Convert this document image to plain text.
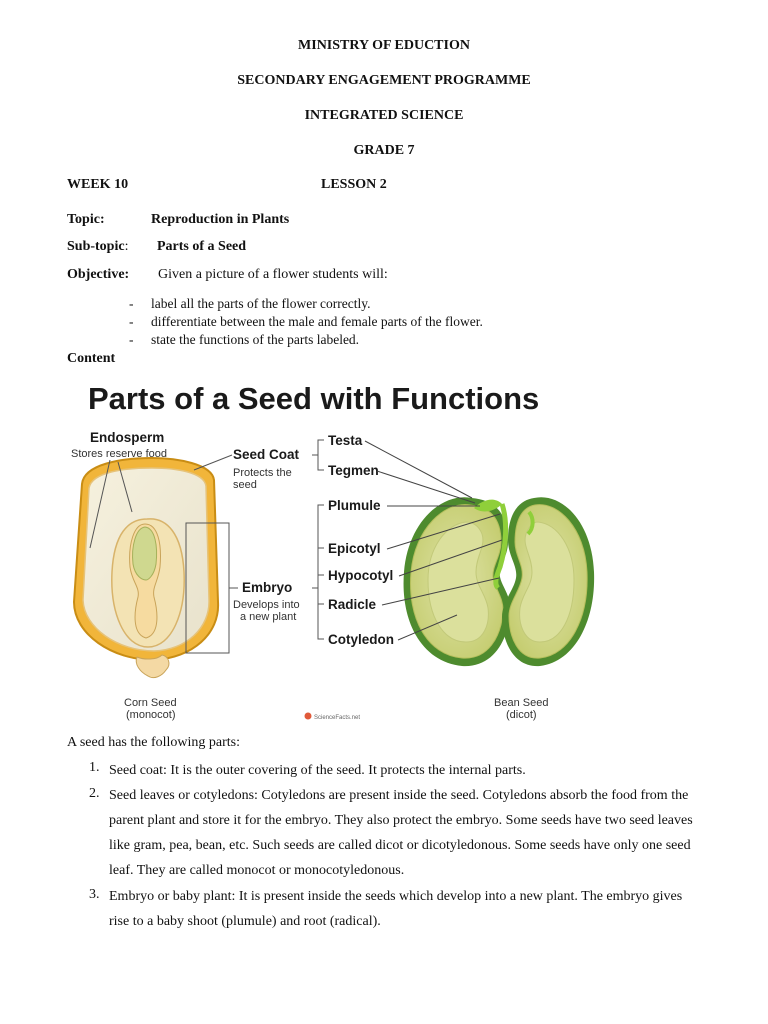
MINISTRY OF EDUCTION
SECONDARY ENGAGEMENT PROGRAMME
INTEGRATED SCIENCE
GRADE 7
WEEK 10	LESSON 2
Topic:	Reproduction in Plants
Sub-topic: Parts of a Seed
Objective: Given a picture of a flower students will:
- label all the parts of the flower correctly.
- differentiate between the male and female parts of the flower.
- state the functions of the parts labeled.
Content
Parts of a Seed with Functions
Endosperm
Stores reserve food	Seed Coat
Protects the
seed
Embryo
Develops into
a new plant
Corn Seed
(monocot)
Testa
Tegmen
Plumule
Epicotyl
Hypocotyl
Radicle
Cotyledon
Bean Seed
(dicot)
ScienceFacts.net
A seed has the following parts:
1. Seed coat: It is the outer covering of the seed. It protects the internal parts.
2. Seed leaves or cotyledons: Cotyledons are present inside the seed. Cotyledons absorb the food from the
parent plant and store it for the embryo. They also protect the embryo. Some seeds have two seed leaves
like gram, pea, bean, etc. Such seeds are called dicot or dicotyledonous. Some seeds have only one seed
leaf. They are called monocot or monocotyledonous.
3. Embryo or baby plant: It is present inside the seeds which develop into a new plant. The embryo gives
rise to a baby shoot (plumule) and root (radical).
